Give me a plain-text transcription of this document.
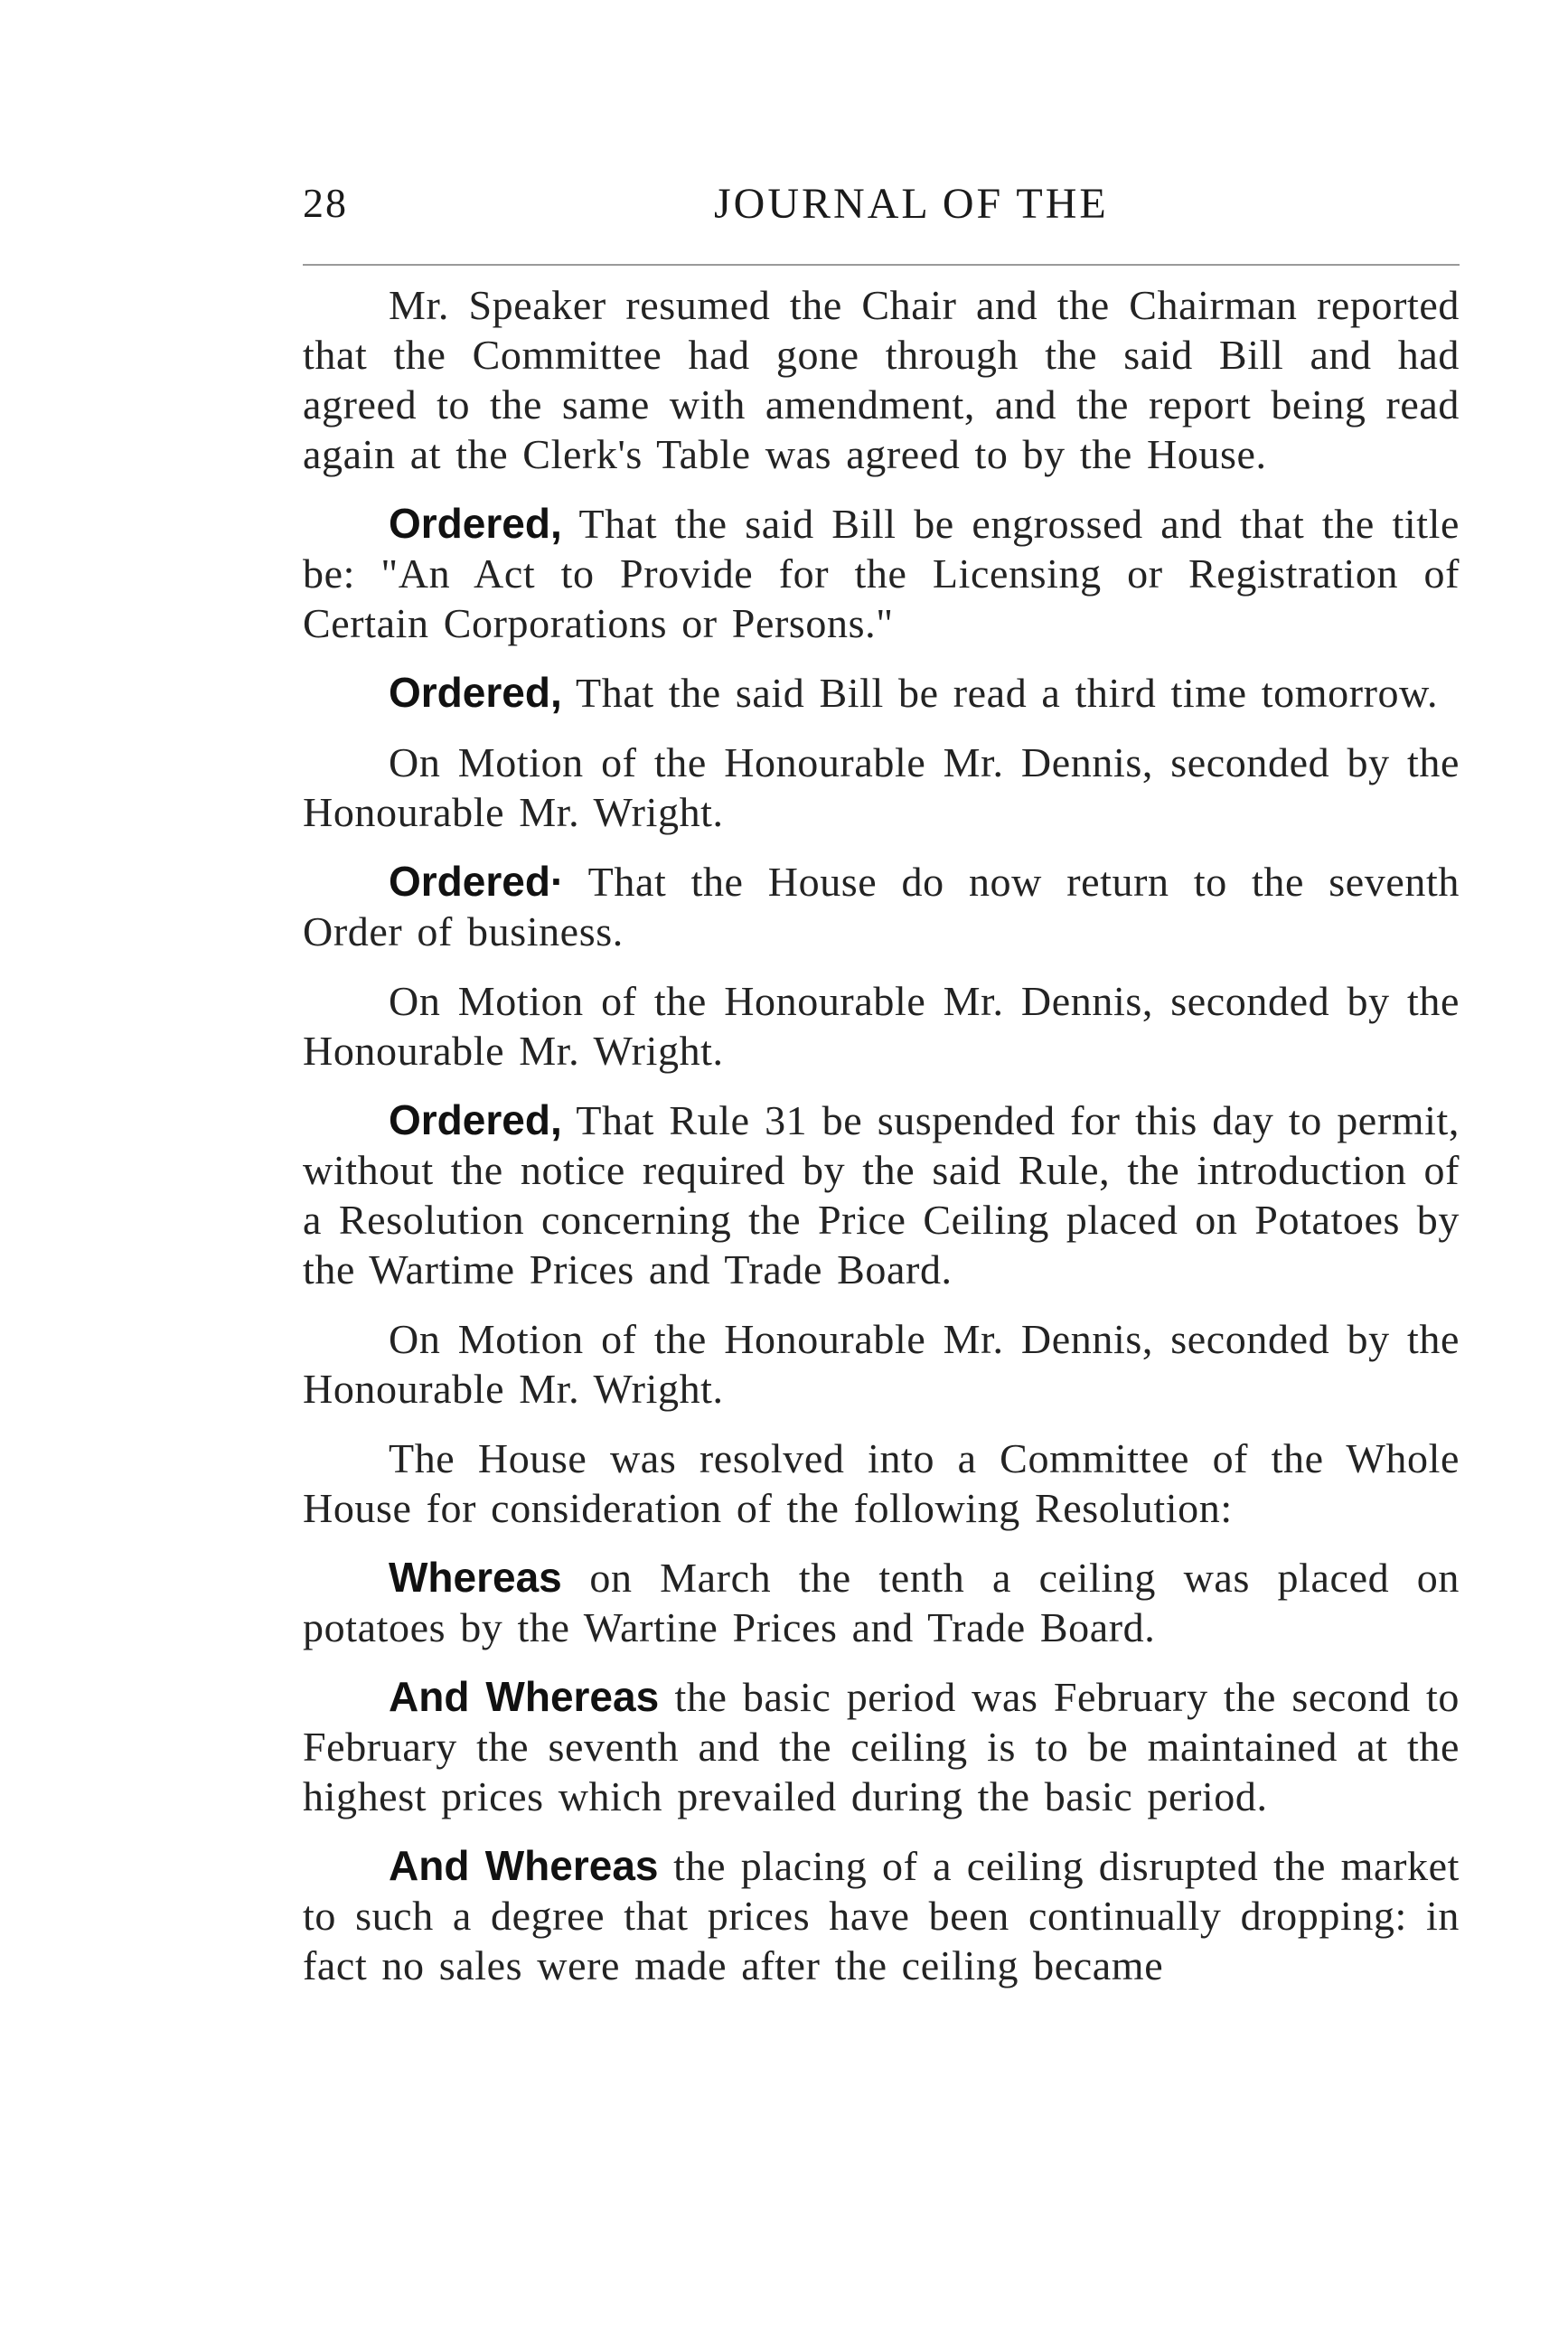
28	JOURNAL OF THE

Mr. Speaker resumed the Chair and the Chairman reported that the Committee had gone through the said Bill and had agreed to the same with amendment, and the report being read again at the Clerk's Table was agreed to by the House.

Ordered, That the said Bill be engrossed and that the title be: "An Act to Provide for the Licensing or Registration of Certain Corporations or Persons."

Ordered, That the said Bill be read a third time tomorrow.

On Motion of the Honourable Mr. Dennis, seconded by the Honourable Mr. Wright.

Ordered· That the House do now return to the seventh Order of business.

On Motion of the Honourable Mr. Dennis, seconded by the Honourable Mr. Wright.

Ordered, That Rule 31 be suspended for this day to permit, without the notice required by the said Rule, the introduction of a Resolution concerning the Price Ceiling placed on Potatoes by the Wartime Prices and Trade Board.

On Motion of the Honourable Mr. Dennis, seconded by the Honourable Mr. Wright.

The House was resolved into a Committee of the Whole House for consideration of the following Resolution:

Whereas on March the tenth a ceiling was placed on potatoes by the Wartine Prices and Trade Board.

And Whereas the basic period was February the second to February the seventh and the ceiling is to be maintained at the highest prices which prevailed during the basic period.

And Whereas the placing of a ceiling disrupted the market to such a degree that prices have been continually dropping: in fact no sales were made after the ceiling became
